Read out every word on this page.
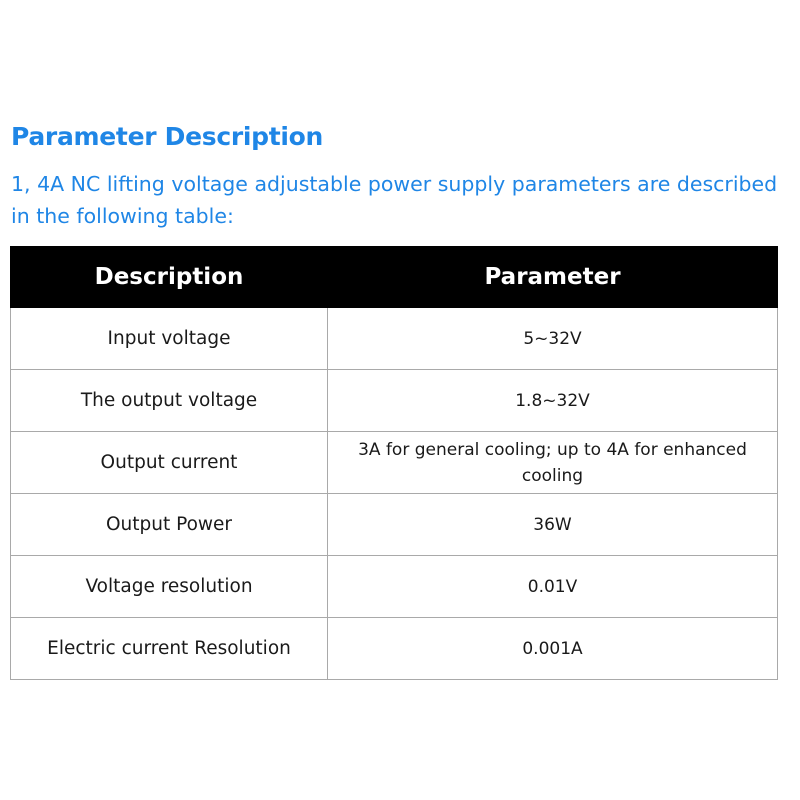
Parameter Description

1, 4A NC lifting voltage adjustable power supply parameters are described in the following table:

Description	Parameter
Input voltage	5~32V
The output voltage	1.8~32V
Output current	3A for general cooling; up to 4A for enhanced cooling
Output Power	36W
Voltage resolution	0.01V
Electric current Resolution	0.001A
